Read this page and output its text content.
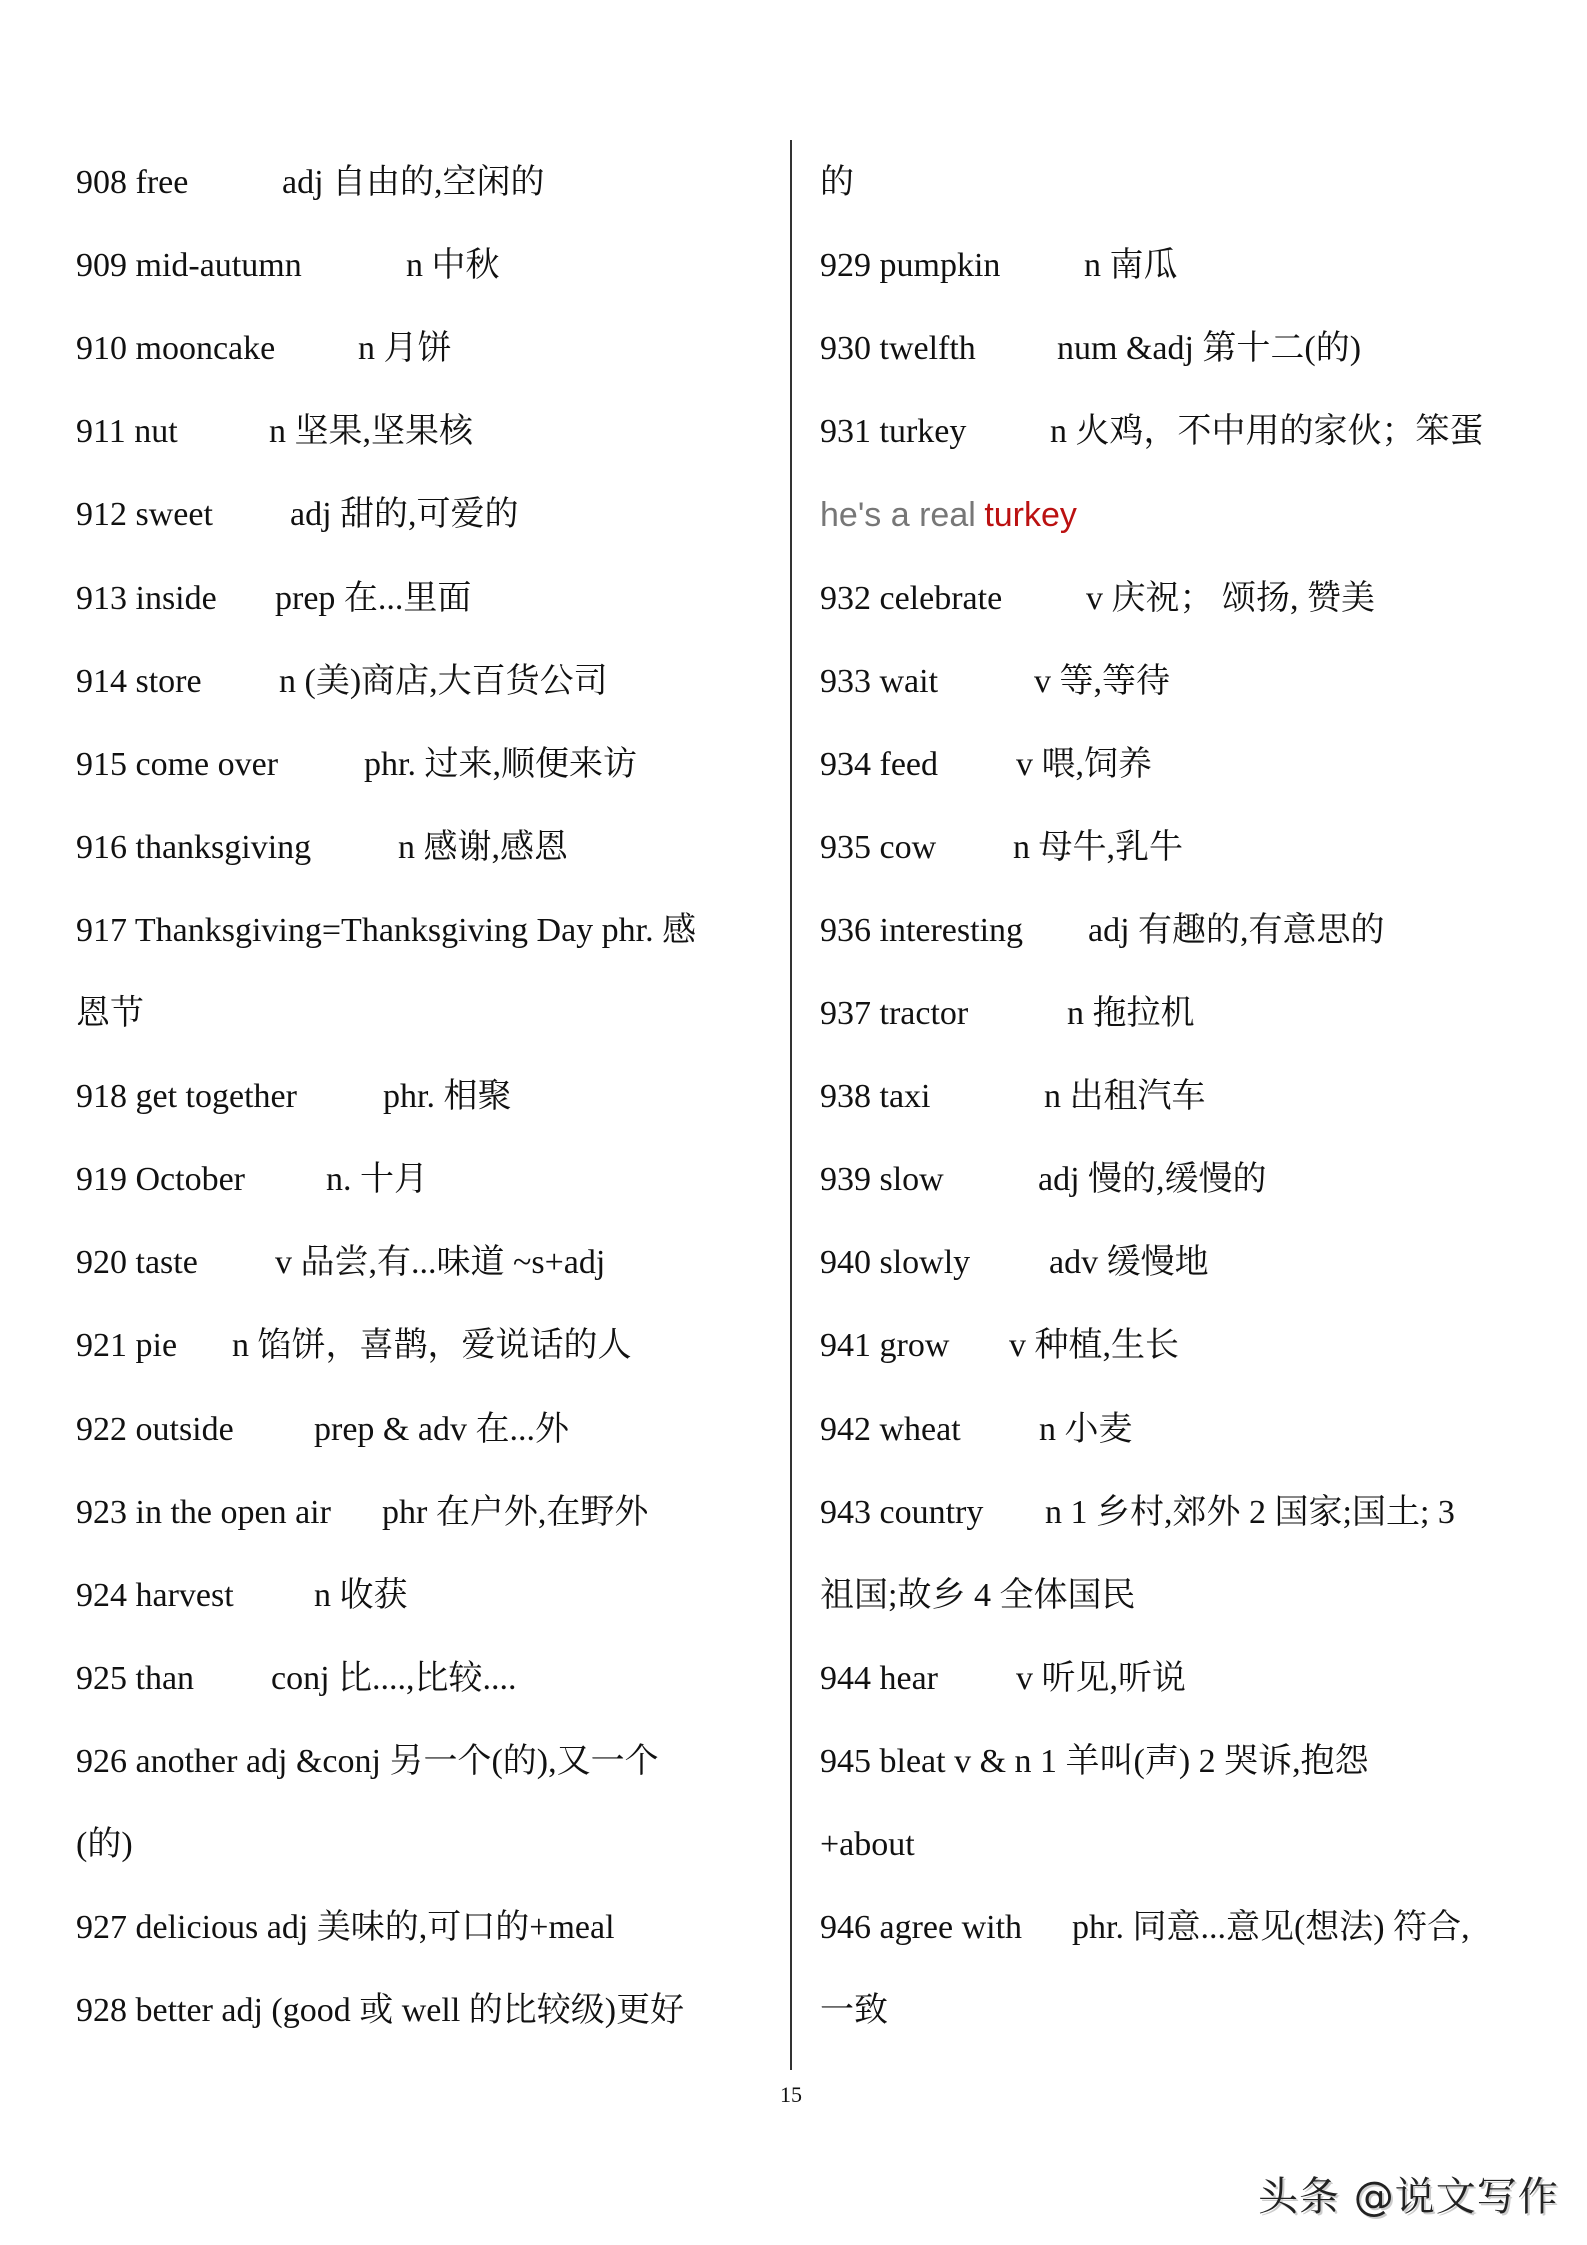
908 free	adj 自由的,空闲的
909 mid-autumn	n 中秋
910 mooncake n 月饼
911 nut	n 坚果,坚果核
912 sweet adj 甜的,可爱的
913 inside prep 在...里面
914 store n (美)商店,大百货公司
915 come over	phr. 过来,顺便来访
916 thanksgiving	n 感谢,感恩
917 Thanksgiving=Thanksgiving Day phr. 感
恩节
918 get together	phr. 相聚
919 October n. 十月
920 taste v 品尝,有...味道 ~s+adj
921 pie n 馅饼，喜鹊，爱说话的人
922 outside prep & adv 在...外
923 in the open air phr 在户外,在野外
924 harvest n 收获
925 than conj 比....,比较....
926 another adj &conj 另一个(的),又一个
(的)
927 delicious adj 美味的,可口的+meal
928 better adj (good 或 well 的比较级)更好
的
929 pumpkin n 南瓜
930 twelfth num &adj 第十二(的)
931 turkey n 火鸡，不中用的家伙；笨蛋
he's a real turkey
932 celebrate v 庆祝； 颂扬, 赞美
933 wait	v 等,等待
934 feed v 喂,饲养
935 cow n 母牛,乳牛
936 interesting adj 有趣的,有意思的
937 tractor	n 拖拉机
938 taxi	n 出租汽车
939 slow	adj 慢的,缓慢的
940 slowly adv 缓慢地
941 grow v 种植,生长
942 wheat n 小麦
943 country n 1 乡村,郊外 2 国家;国土; 3
祖国;故乡 4 全体国民
944 hear v 听见,听说
945 bleat v & n 1 羊叫(声) 2 哭诉,抱怨
+about
946 agree with phr. 同意...意见(想法) 符合,
一致
15
头条 @说文写作
